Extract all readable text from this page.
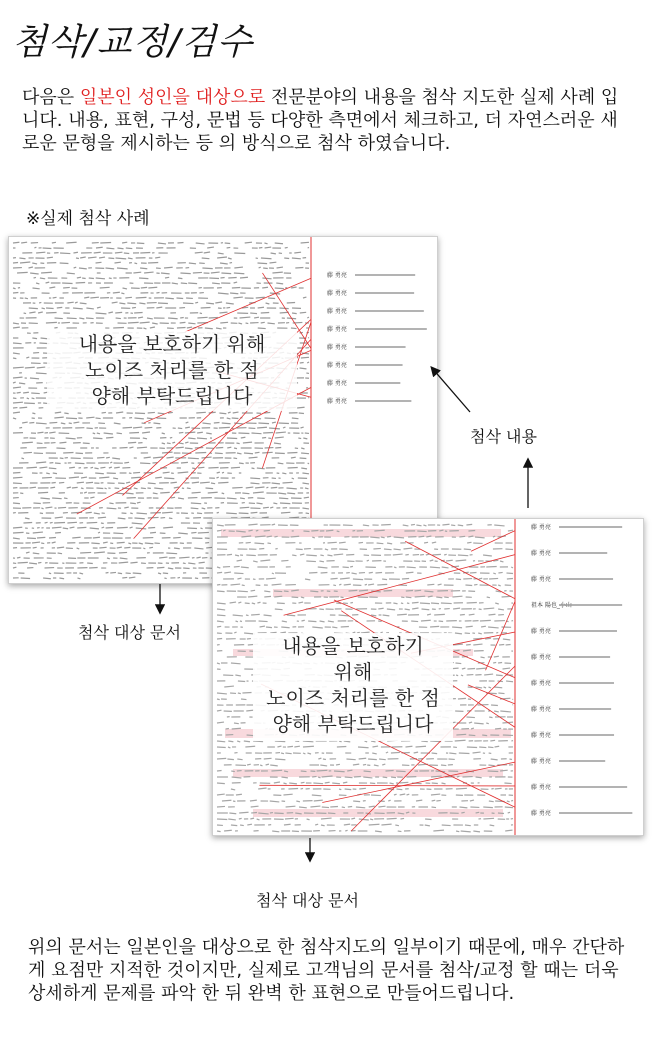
첨삭/교정/검수
다음은 일본인 성인을 대상으로 전문분야의 내용을 첨삭 지도한 실제 사례 입니다. 내용, 표현, 구성, 문법 등 다양한 측면에서 체크하고, 더 자연스러운 새로운 문형을 제시하는 등 의 방식으로 첨삭 하였습니다.
※실제 첨삭 사례
藤 勇亮
藤 勇亮
藤 勇亮
藤 勇亮
藤 勇亮
藤 勇亮
藤 勇亮
藤 勇亮
내용을 보호하기 위해
노이즈 처리를 한 점
양해 부탁드립니다
藤 勇亮
藤 勇亮
藤 勇亮
祖本 陽也_小山
藤 勇亮
藤 勇亮
藤 勇亮
藤 勇亮
藤 勇亮
藤 勇亮
藤 勇亮
藤 勇亮
내용을 보호하기
위해
노이즈 처리를 한 점
양해 부탁드립니다
첨삭 내용
첨삭 대상 문서
첨삭 대상 문서
위의 문서는 일본인을 대상으로 한 첨삭지도의 일부이기 때문에, 매우 간단하게 요점만 지적한 것이지만, 실제로 고객님의 문서를 첨삭/교정 할 때는 더욱 상세하게 문제를 파악 한 뒤 완벽 한 표현으로 만들어드립니다.
